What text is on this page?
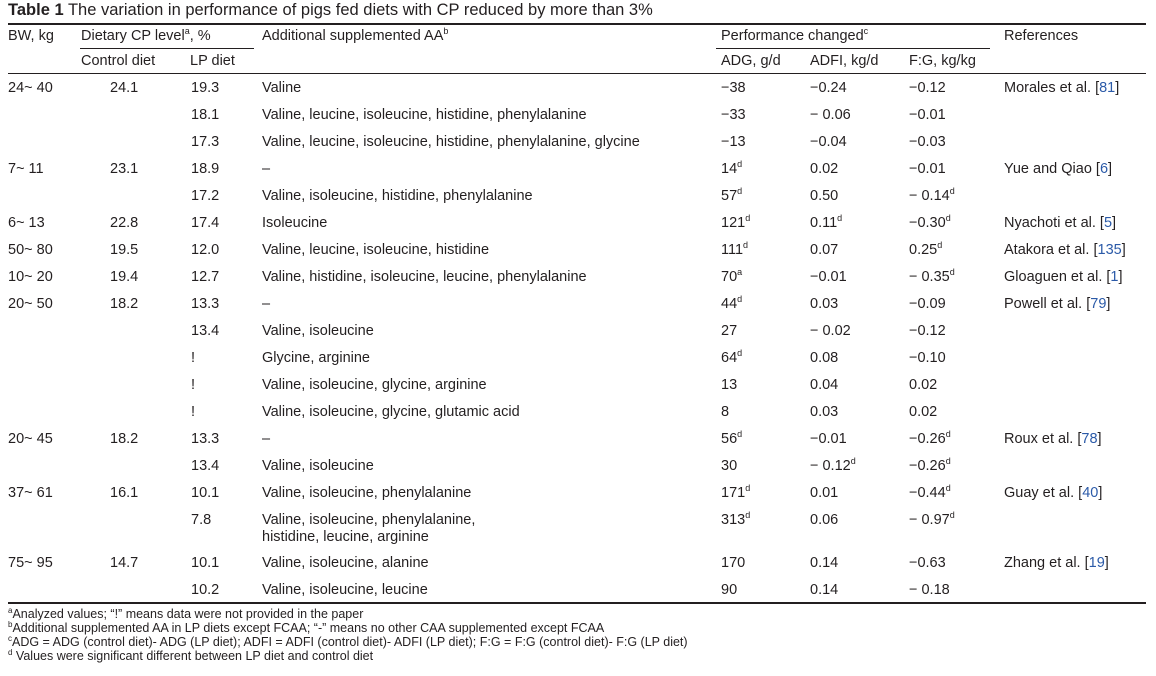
Table 1 The variation in performance of pigs fed diets with CP reduced by more than 3%
BW, kg Dietary CP level$^a$, %	Additional supplemented $AA^b$	Performance changed$^c$	References
Control diet LP diet	ADG, g/d ADFI, kg/d F:G, kg/kg
24~ 40	24.1	19.3	Valine	−38	−0.24	−0.12	Morales et al. [81]
18.1	Valine, leucine, isoleucine, histidine, phenylalanine	−33	− 0.06	−0.01
17.3	Valine, leucine, isoleucine, histidine, phenylalanine, glycine	−13	−0.04	−0.03
7~ 11	23.1	18.9	–	14$^d$	0.02	−0.01	Yue and Qiao [6]
17.2	Valine, isoleucine, histidine, phenylalanine	57$^d$	0.50	− 0.14$^d$
6~ 13	22.8	17.4	Isoleucine	121$^d$	0.11$^d$	−0.30$^d$	Nyachoti et al. [5]
50~ 80	19.5	12.0	Valine, leucine, isoleucine, histidine	111$^d$	0.07	0.25$^d$	Atakora et al. [135]
10~ 20	19.4	12.7	Valine, histidine, isoleucine, leucine, phenylalanine	$70^a$	−0.01	− 0.35$^d$	Gloaguen et al. [1]
20~ 50	18.2	13.3	–	44$^d$	0.03	−0.09	Powell et al. [79]
13.4	Valine, isoleucine	27	− 0.02	−0.12
!	Glycine, arginine	64$^d$	0.08	−0.10
!	Valine, isoleucine, glycine, arginine	13	0.04	0.02
!	Valine, isoleucine, glycine, glutamic acid	8	0.03	0.02
20~ 45	18.2	13.3	–	$56^d$	−0.01	−0.26$^d$	Roux et al. [78]
13.4	Valine, isoleucine	30	− 0.12$^d$	−0.26$^d$
37~ 61	16.1	10.1	Valine, isoleucine, phenylalanine	171$^d$	0.01	−0.44$^d$	Guay et al. [40]
7.8	Valine, isoleucine, phenylalanine,
histidine, leucine, arginine
313$^d$	0.06	− 0.97$^d$
75~ 95	14.7	10.1	Valine, isoleucine, alanine	170	0.14	−0.63	Zhang et al. [19]
10.2	Valine, isoleucine, leucine	90	0.14	− 0.18
$^a$Analyzed values; “!” means data were not provided in the paper
$^b$Additional supplemented AA in LP diets except FCAA; “-” means no other CAA supplemented except FCAA
$^c$ADG = ADG (control diet)- ADG (LP diet); ADFI = ADFI (control diet)- ADFI (LP diet); F:G = F:G (control diet)- F:G (LP diet)
$^d$ Values were significant different between LP diet and control diet
